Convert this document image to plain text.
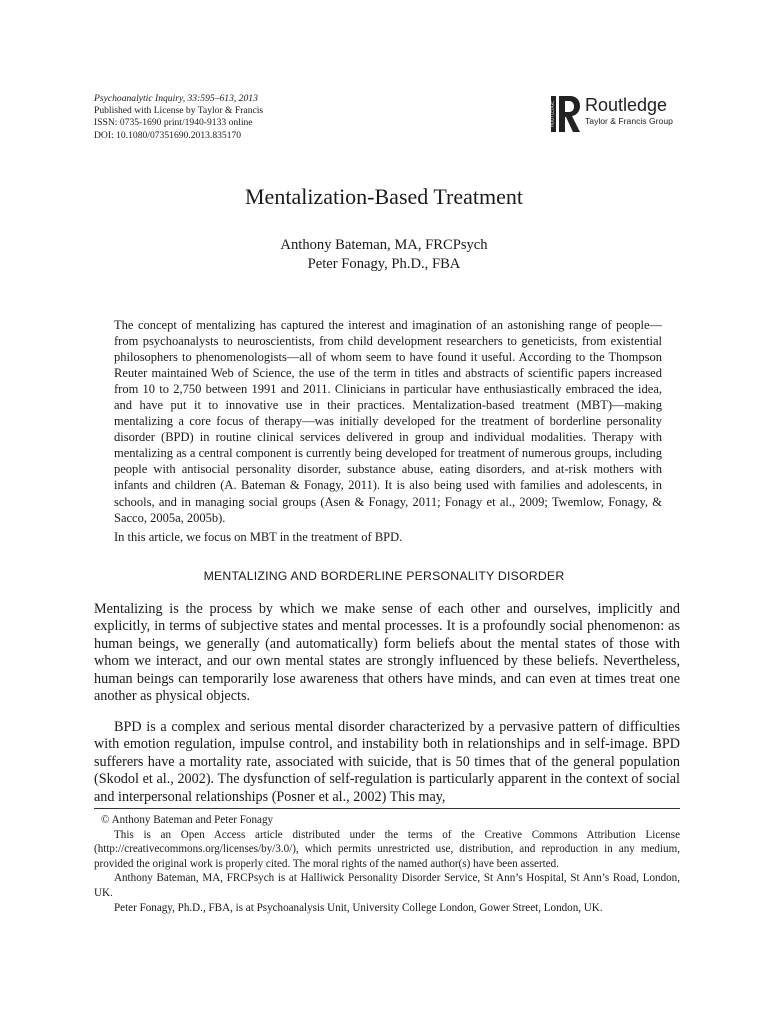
Psychoanalytic Inquiry, 33:595–613, 2013
Published with License by Taylor & Francis
ISSN: 0735-1690 print/1940-9133 online
DOI: 10.1080/07351690.2013.835170
ROUTLEDGE Routledge
Taylor & Francis Group
Mentalization-Based Treatment
Anthony Bateman, MA, FRCPsych
Peter Fonagy, Ph.D., FBA

The concept of mentalizing has captured the interest and imagination of an astonishing range of people—from psychoanalysts to neuroscientists, from child development researchers to geneticists, from existential philosophers to phenomenologists—all of whom seem to have found it useful. According to the Thompson Reuter maintained Web of Science, the use of the term in titles and abstracts of scientific papers increased from 10 to 2,750 between 1991 and 2011. Clinicians in particular have enthusiastically embraced the idea, and have put it to innovative use in their practices. Mentalization-based treatment (MBT)—making mentalizing a core focus of therapy—was initially developed for the treatment of borderline personality disorder (BPD) in routine clinical services delivered in group and individual modalities. Therapy with mentalizing as a central component is currently being developed for treatment of numerous groups, including people with antisocial personality disorder, substance abuse, eating disorders, and at-risk mothers with infants and children (A. Bateman & Fonagy, 2011). It is also being used with families and adolescents, in schools, and in managing social groups (Asen & Fonagy, 2011; Fonagy et al., 2009; Twemlow, Fonagy, & Sacco, 2005a, 2005b).

In this article, we focus on MBT in the treatment of BPD.

MENTALIZING AND BORDERLINE PERSONALITY DISORDER

Mentalizing is the process by which we make sense of each other and ourselves, implicitly and explicitly, in terms of subjective states and mental processes. It is a profoundly social phenomenon: as human beings, we generally (and automatically) form beliefs about the mental states of those with whom we interact, and our own mental states are strongly influenced by these beliefs. Nevertheless, human beings can temporarily lose awareness that others have minds, and can even at times treat one another as physical objects.

BPD is a complex and serious mental disorder characterized by a pervasive pattern of difficulties with emotion regulation, impulse control, and instability both in relationships and in self-image. BPD sufferers have a mortality rate, associated with suicide, that is 50 times that of the general population (Skodol et al., 2002). The dysfunction of self-regulation is particularly apparent in the context of social and interpersonal relationships (Posner et al., 2002) This may,

© Anthony Bateman and Peter Fonagy

This is an Open Access article distributed under the terms of the Creative Commons Attribution License (http://creativecommons.org/licenses/by/3.0/), which permits unrestricted use, distribution, and reproduction in any medium, provided the original work is properly cited. The moral rights of the named author(s) have been asserted.

Anthony Bateman, MA, FRCPsych is at Halliwick Personality Disorder Service, St Ann’s Hospital, St Ann’s Road, London, UK.

Peter Fonagy, Ph.D., FBA, is at Psychoanalysis Unit, University College London, Gower Street, London, UK.
